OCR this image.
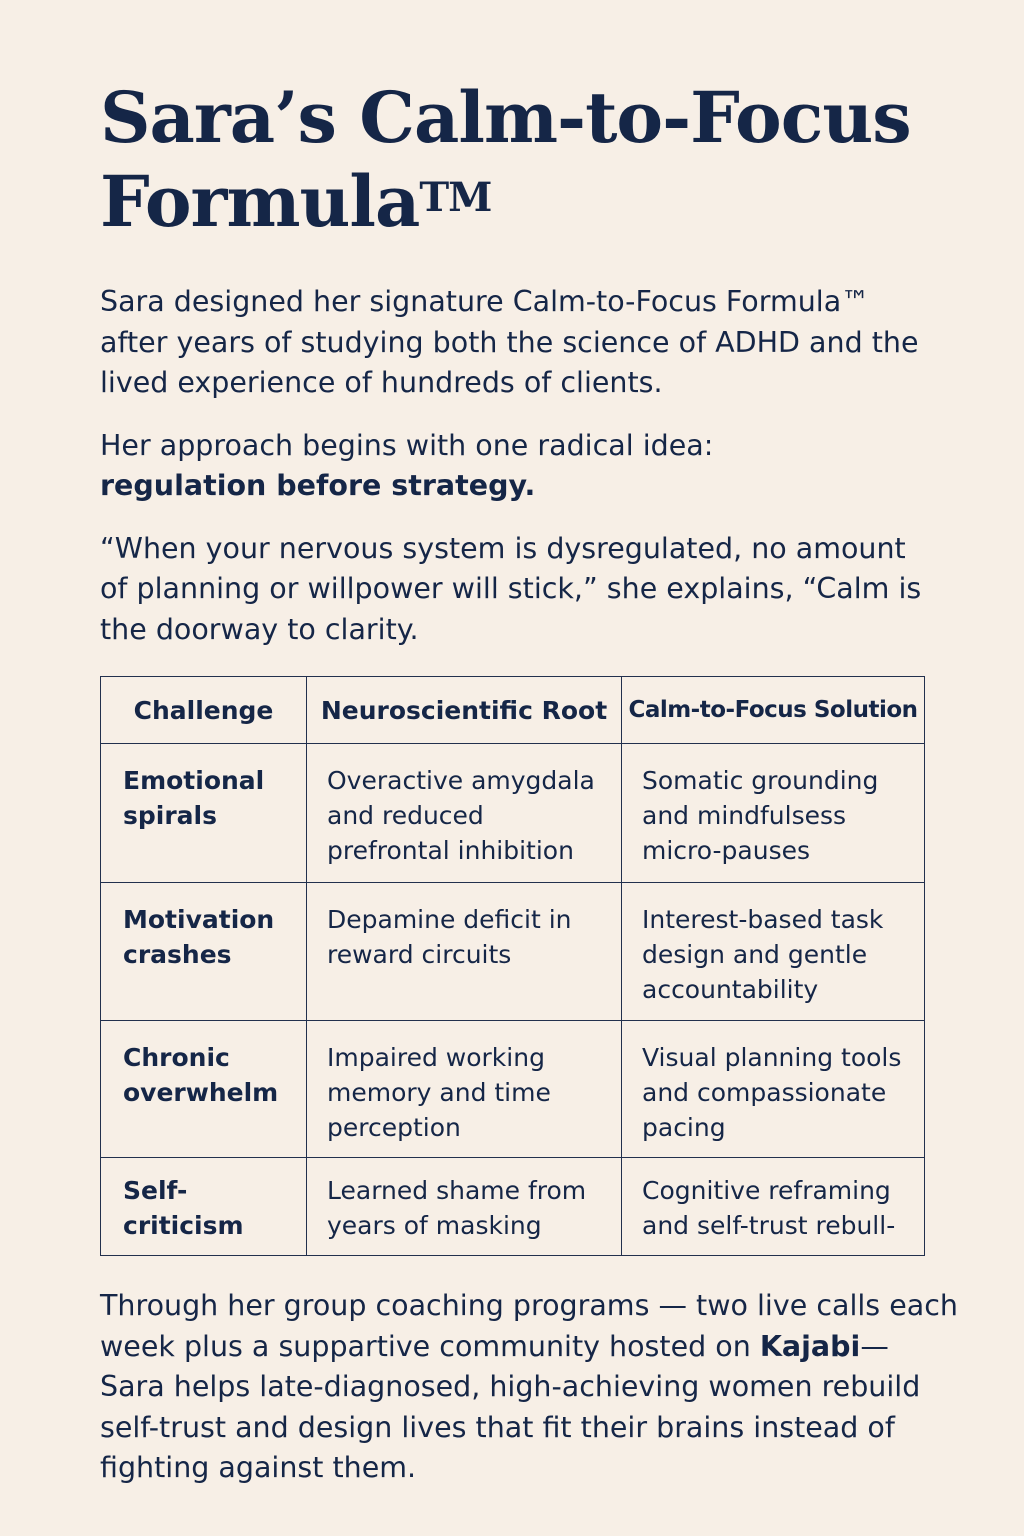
Sara’s Calm-to-Focus Formula™

Sara designed her signature Calm-to-Focus Formula™ after years of studying both the science of ADHD and the lived experience of hundreds of clients.

Her approach begins with one radical idea:
regulation before strategy.

“When your nervous system is dysregulated, no amount of planning or willpower will stick,” she explains, “Calm is the doorway to clarity.

Challenge	Neuroscientific Root	Calm-to-Focus Solution
Emotional spirals	Overactive amygdala and reduced prefrontal inhibition	Somatic grounding and mindfulsess micro-pauses
Motivation crashes	Depamine deficit in reward circuits	Interest-based task design and gentle accountability
Chronic overwhelm	Impaired working memory and time perception	Visual planning tools and compassionate pacing
Self-criticism	Learned shame from years of masking	Cognitive reframing and self-trust rebull-

Through her group coaching programs — two live calls each week plus a suppartive community hosted on Kajabi— Sara helps late-diagnosed, high-achieving women rebuild self-trust and design lives that fit their brains instead of fighting against them.
